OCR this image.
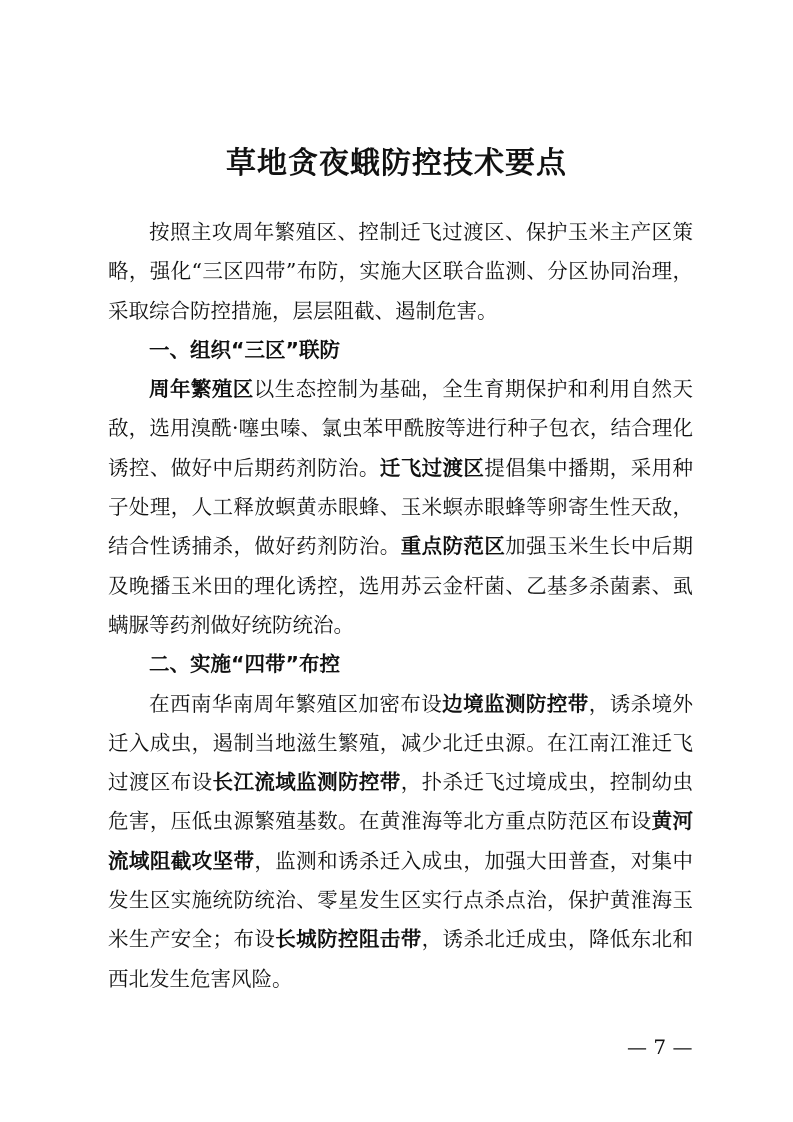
草地贪夜蛾防控技术要点

按照主攻周年繁殖区、控制迁飞过渡区、保护玉米主产区策略，强化“三区四带”布防，实施大区联合监测、分区协同治理，采取综合防控措施，层层阻截、遏制危害。

一、组织“三区”联防

周年繁殖区以生态控制为基础，全生育期保护和利用自然天敌，选用溴酰·噻虫嗪、氯虫苯甲酰胺等进行种子包衣，结合理化诱控、做好中后期药剂防治。迁飞过渡区提倡集中播期，采用种子处理，人工释放螟黄赤眼蜂、玉米螟赤眼蜂等卵寄生性天敌，结合性诱捕杀，做好药剂防治。重点防范区加强玉米生长中后期及晚播玉米田的理化诱控，选用苏云金杆菌、乙基多杀菌素、虱螨脲等药剂做好统防统治。

二、实施“四带”布控

在西南华南周年繁殖区加密布设边境监测防控带，诱杀境外迁入成虫，遏制当地滋生繁殖，减少北迁虫源。在江南江淮迁飞过渡区布设长江流域监测防控带，扑杀迁飞过境成虫，控制幼虫危害，压低虫源繁殖基数。在黄淮海等北方重点防范区布设黄河流域阻截攻坚带，监测和诱杀迁入成虫，加强大田普查，对集中发生区实施统防统治、零星发生区实行点杀点治，保护黄淮海玉米生产安全；布设长城防控阻击带，诱杀北迁成虫，降低东北和西北发生危害风险。

— 7 —
